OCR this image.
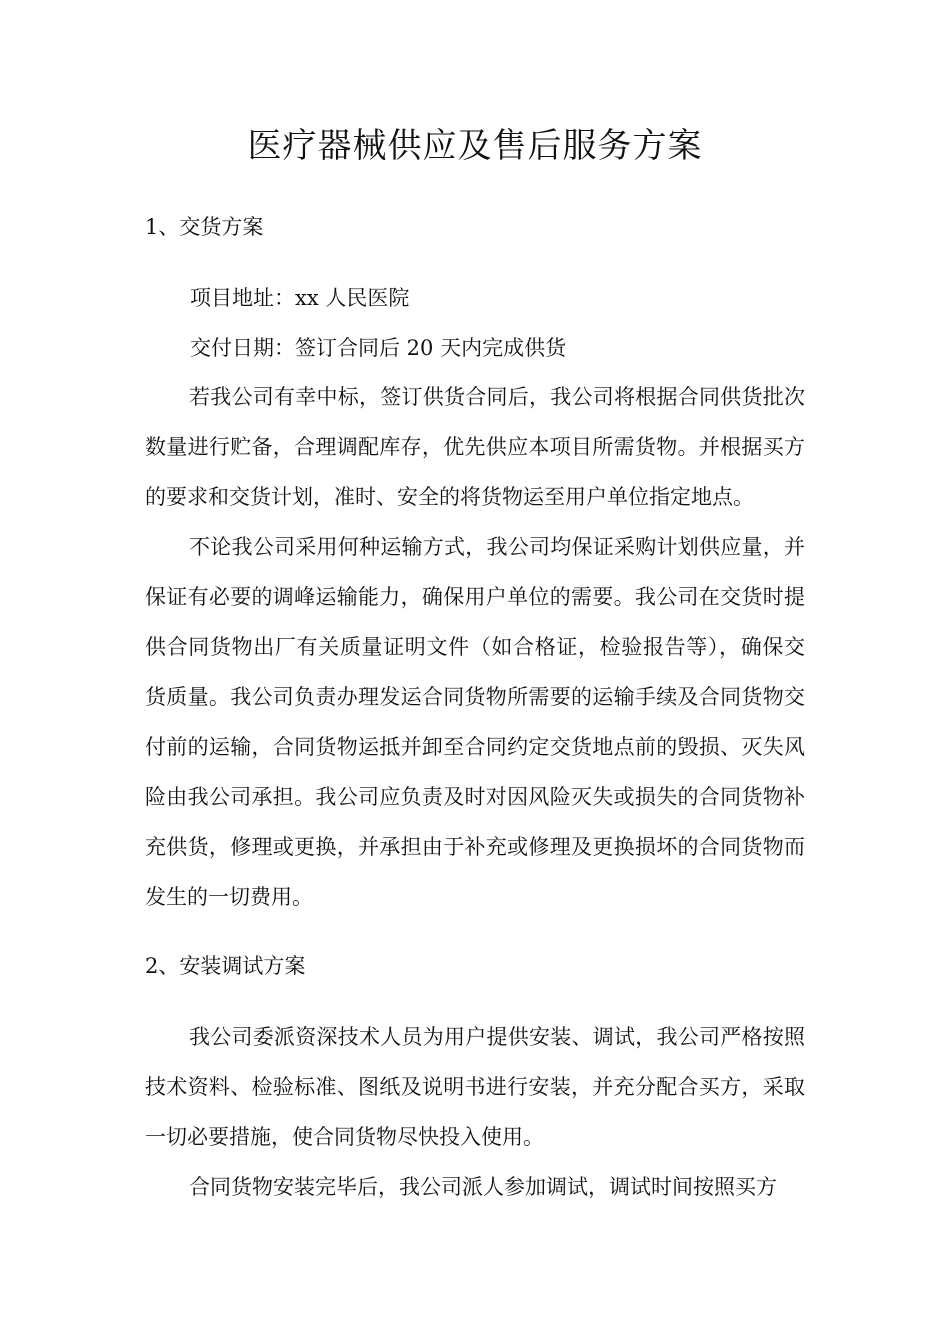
医疗器械供应及售后服务方案
1、交货方案

项目地址：xx 人民医院

交付日期：签订合同后 20 天内完成供货

若我公司有幸中标，签订供货合同后，我公司将根据合同供货批次数量进行贮备，合理调配库存，优先供应本项目所需货物。并根据买方的要求和交货计划，准时、安全的将货物运至用户单位指定地点。

不论我公司采用何种运输方式，我公司均保证采购计划供应量，并保证有必要的调峰运输能力，确保用户单位的需要。我公司在交货时提供合同货物出厂有关质量证明文件（如合格证，检验报告等），确保交货质量。我公司负责办理发运合同货物所需要的运输手续及合同货物交付前的运输，合同货物运抵并卸至合同约定交货地点前的毁损、灭失风险由我公司承担。我公司应负责及时对因风险灭失或损失的合同货物补充供货，修理或更换，并承担由于补充或修理及更换损坏的合同货物而发生的一切费用。

2、安装调试方案

我公司委派资深技术人员为用户提供安装、调试，我公司严格按照技术资料、检验标准、图纸及说明书进行安装，并充分配合买方，采取一切必要措施，使合同货物尽快投入使用。

合同货物安装完毕后，我公司派人参加调试，调试时间按照买方
